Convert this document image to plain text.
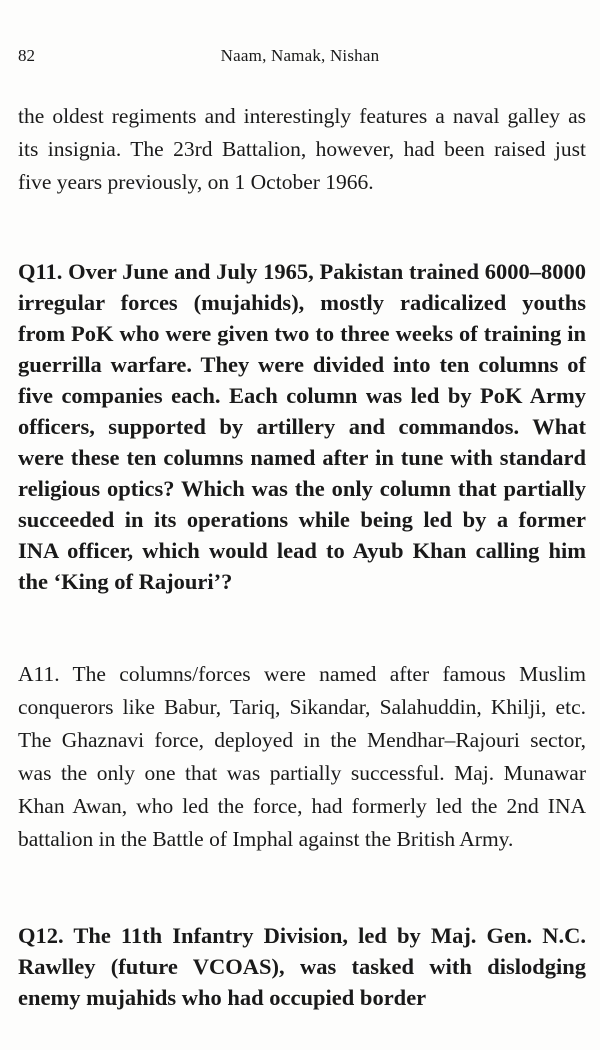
82	Naam, Namak, Nishan

the oldest regiments and interestingly features a naval galley as its insignia. The 23rd Battalion, however, had been raised just five years previously, on 1 October 1966.

Q11. Over June and July 1965, Pakistan trained 6000–8000 irregular forces (mujahids), mostly radicalized youths from PoK who were given two to three weeks of training in guerrilla warfare. They were divided into ten columns of five companies each. Each column was led by PoK Army officers, supported by artillery and commandos. What were these ten columns named after in tune with standard religious optics? Which was the only column that partially succeeded in its operations while being led by a former INA officer, which would lead to Ayub Khan calling him the ‘King of Rajouri’?

A11. The columns/forces were named after famous Muslim conquerors like Babur, Tariq, Sikandar, Salahuddin, Khilji, etc. The Ghaznavi force, deployed in the Mendhar–Rajouri sector, was the only one that was partially successful. Maj. Munawar Khan Awan, who led the force, had formerly led the 2nd INA battalion in the Battle of Imphal against the British Army.

Q12. The 11th Infantry Division, led by Maj. Gen. N.C. Rawlley (future VCOAS), was tasked with dislodging enemy mujahids who had occupied border
